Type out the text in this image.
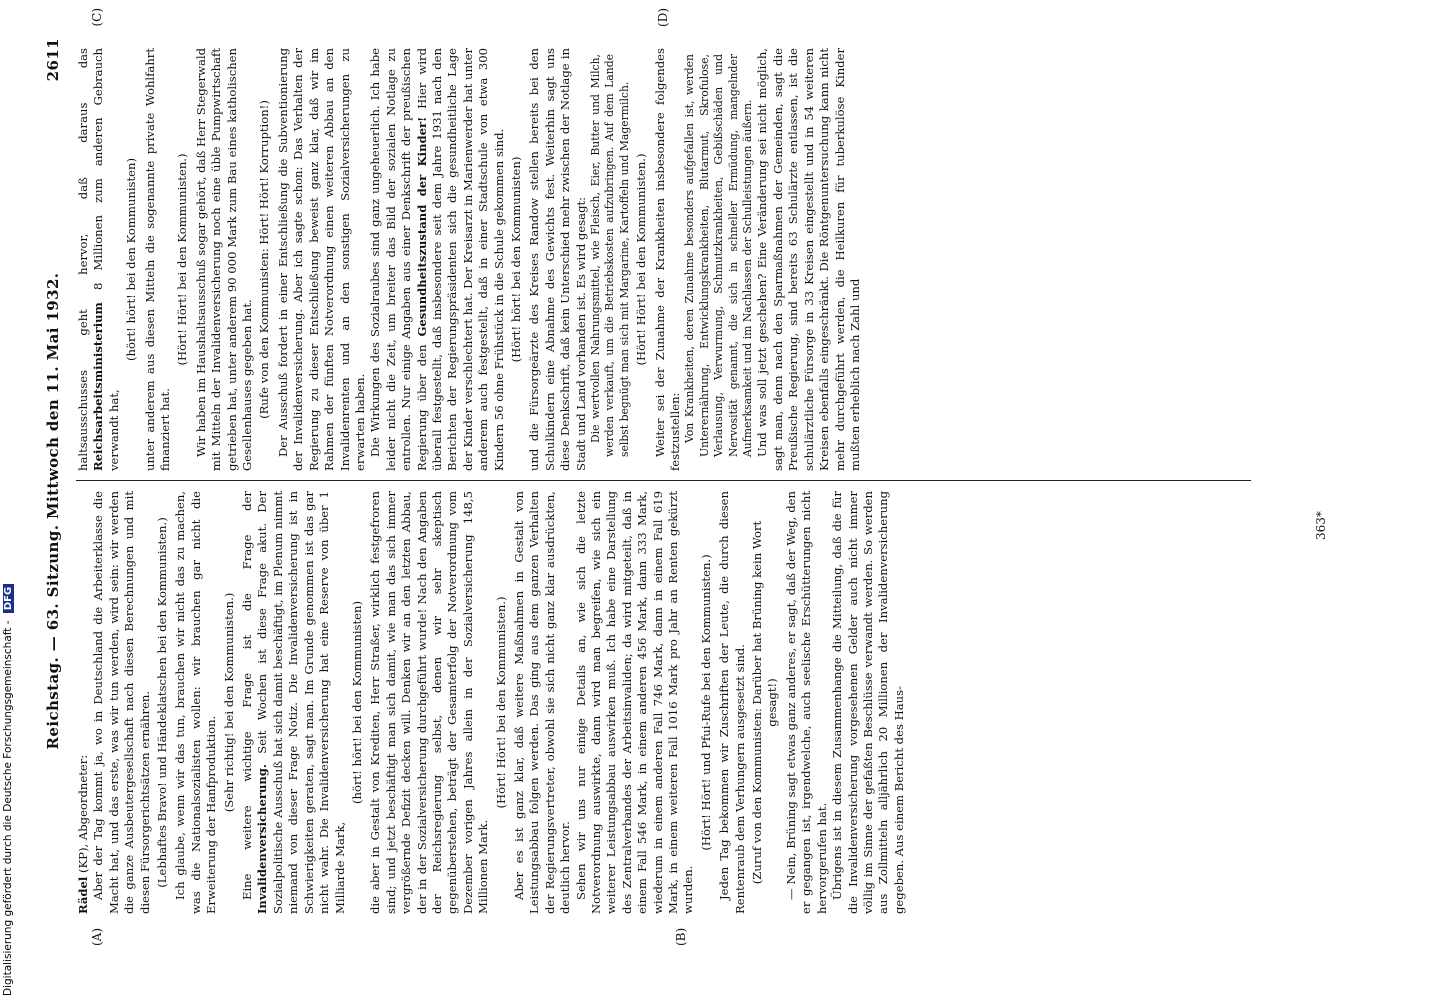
Reichstag. — 63. Sitzung. Mittwoch den 11. Mai 1932.
2611
(A)	(B)
(C)	(D)

Rädel (KP), Abgeordneter: Aber der Tag kommt ja, wo in Deutschland die Arbeiterklasse die Macht hat, und das erste, was wir tun werden, wird sein: wir werden die ganze Ausbeutergesellschaft nach diesen Berechnungen und mit diesen Fürsorgerichtsätzen ernähren. (Lebhaftes Bravo! und Händeklatschen bei den Kommunisten.) Ich glaube, wenn wir das tun, brauchen wir nicht das zu machen, was die Nationalsozialisten wollen: wir brauchen gar nicht die Erweiterung der Hanfproduktion.

(Sehr richtig! bei den Kommunisten.) Eine weitere wichtige Frage ist die Frage der Invalidenversicherung. Seit Wochen ist diese Frage akut. Der Sozialpolitische Ausschuß hat sich damit beschäftigt, im Plenum nimmt niemand von dieser Frage Notiz. Die Invalidenversicherung ist in Schwierigkeiten geraten, sagt man. Im Grunde genommen ist das gar nicht wahr. Die Invalidenversicherung hat eine Reserve von über 1 Milliarde Mark,

(hört! hört! bei den Kommunisten) die aber in Gestalt von Krediten, Herr Straßer, wirklich festgefroren sind; und jetzt beschäftigt man sich damit, wie man das sich immer vergrößernde Defizit decken will. Denken wir an den letzten Abbau, der in der Sozialversicherung durchgeführt wurde! Nach den Angaben der Reichsregierung selbst, denen wir sehr skeptisch gegenüberstehen, beträgt der Gesamterfolg der Notverordnung vom Dezember vorigen Jahres allein in der Sozialversicherung 148,5 Millionen Mark.

(Hört! Hört! bei den Kommunisten.) Aber es ist ganz klar, daß weitere Maßnahmen in Gestalt von Leistungsabbau folgen werden. Das ging aus dem ganzen Verhalten der Regierungsvertreter, obwohl sie sich nicht ganz klar ausdrückten, deutlich hervor. Sehen wir uns nur einige Details an, wie sich die letzte Notverordnung auswirkte, dann wird man begreifen, wie sich ein weiterer Leistungsabbau auswirken muß. Ich habe eine Darstellung des Zentralverbandes der Arbeitsinvaliden; da wird mitgeteilt, daß in einem Fall 546 Mark, in einem anderen 456 Mark, dann 333 Mark, wiederum in einem anderen Fall 746 Mark, dann in einem Fall 619 Mark, in einem weiteren Fall 1016 Mark pro Jahr an Renten gekürzt wurden.

(Hört! Hört! und Pfui-Rufe bei den Kommunisten.) Jeden Tag bekommen wir Zuschriften der Leute, die durch diesen Rentenraub dem Verhungern ausgesetzt sind. (Zuruf von den Kommunisten: Darüber hat Brüning kein Wort gesagt!) — Nein, Brüning sagt etwas ganz anderes, er sagt, daß der Weg, den er gegangen ist, irgendwelche, auch seelische Erschütterungen nicht hervorgerufen hat. Übrigens ist in diesem Zusammenhange die Mitteilung, daß die für die Invalidenversicherung vorgesehenen Gelder auch nicht immer völlig im Sinne der gefaßten Beschlüsse verwandt werden. So werden aus Zollmitteln alljährlich 20 Millionen der Invalidenversicherung gegeben. Aus einem Bericht des Haus-

haltsausschusses geht hervor, daß daraus das Reichsarbeitsministerium 8 Millionen zum anderen Gebrauch verwandt hat,

(hört! hört! bei den Kommunisten) unter anderem aus diesen Mitteln die sogenannte private Wohlfahrt finanziert hat.

(Hört! Hört! bei den Kommunisten.) Wir haben im Haushaltsausschuß sogar gehört, daß Herr Stegerwald mit Mitteln der Invalidenversicherung noch eine üble Pumpwirtschaft getrieben hat, unter anderem 90 000 Mark zum Bau eines katholischen Gesellenhauses gegeben hat. (Rufe von den Kommunisten: Hört! Hört! Korruption!) Der Ausschuß fordert in einer Entschließung die Subventionierung der Invalidenversicherung. Aber ich sagte schon: Das Verhalten der Regierung zu dieser Entschließung beweist ganz klar, daß wir im Rahmen der fünften Notverordnung einen weiteren Abbau an den Invalidenrenten und an den sonstigen Sozialversicherungen zu erwarten haben. Die Wirkungen des Sozialraubes sind ganz ungeheuerlich. Ich habe leider nicht die Zeit, um breiter das Bild der sozialen Notlage zu entrollen. Nur einige Angaben aus einer Denkschrift der preußischen Regierung über den Gesundheitszustand der Kinder! Hier wird überall festgestellt, daß insbesondere seit dem Jahre 1931 nach den Berichten der Regierungspräsidenten sich die gesundheitliche Lage der Kinder verschlechtert hat. Der Kreisarzt in Marienwerder hat unter anderem auch festgestellt, daß in einer Stadtschule von etwa 300 Kindern 56 ohne Frühstück in die Schule gekommen sind. (Hört! hört! bei den Kommunisten) und die Fürsorgeärzte des Kreises Randow stellen bereits bei den Schulkindern eine Abnahme des Gewichts fest. Weiterhin sagt uns diese Denkschrift, daß kein Unterschied mehr zwischen der Notlage in Stadt und Land vorhanden ist. Es wird gesagt: Die wertvollen Nahrungsmittel, wie Fleisch, Eier, Butter und Milch, werden verkauft, um die Betriebskosten aufzubringen. Auf dem Lande selbst begnügt man sich mit Margarine, Kartoffeln und Magermilch. (Hört! Hört! bei den Kommunisten.) Weiter sei der Zunahme der Krankheiten insbesondere folgendes festzustellen: Von Krankheiten, deren Zunahme besonders aufgefallen ist, werden Unterernährung, Entwicklungskrankheiten, Blutarmut, Skrofulose, Verlausung, Verwurmung, Schmutzkrankheiten, Gebißschäden und Nervosität genannt, die sich in schneller Ermüdung, mangelnder Aufmerksamkeit und im Nachlassen der Schulleistungen äußern. Und was soll jetzt geschehen? Eine Veränderung sei nicht möglich, sagt man, denn nach den Sparmaßnahmen der Gemeinden, sagt die Preußische Regierung, sind bereits 63 Schulärzte entlassen, ist die schulärztliche Fürsorge in 33 Kreisen eingestellt und in 54 weiteren Kreisen ebenfalls eingeschränkt. Die Röntgenuntersuchung kann nicht mehr durchgeführt werden, die Heilkuren für tuberkulöse Kinder mußten erheblich nach Zahl und

363*
Digitalisierung gefördert durch die Deutsche Forschungsgemeinschaft - DFG
